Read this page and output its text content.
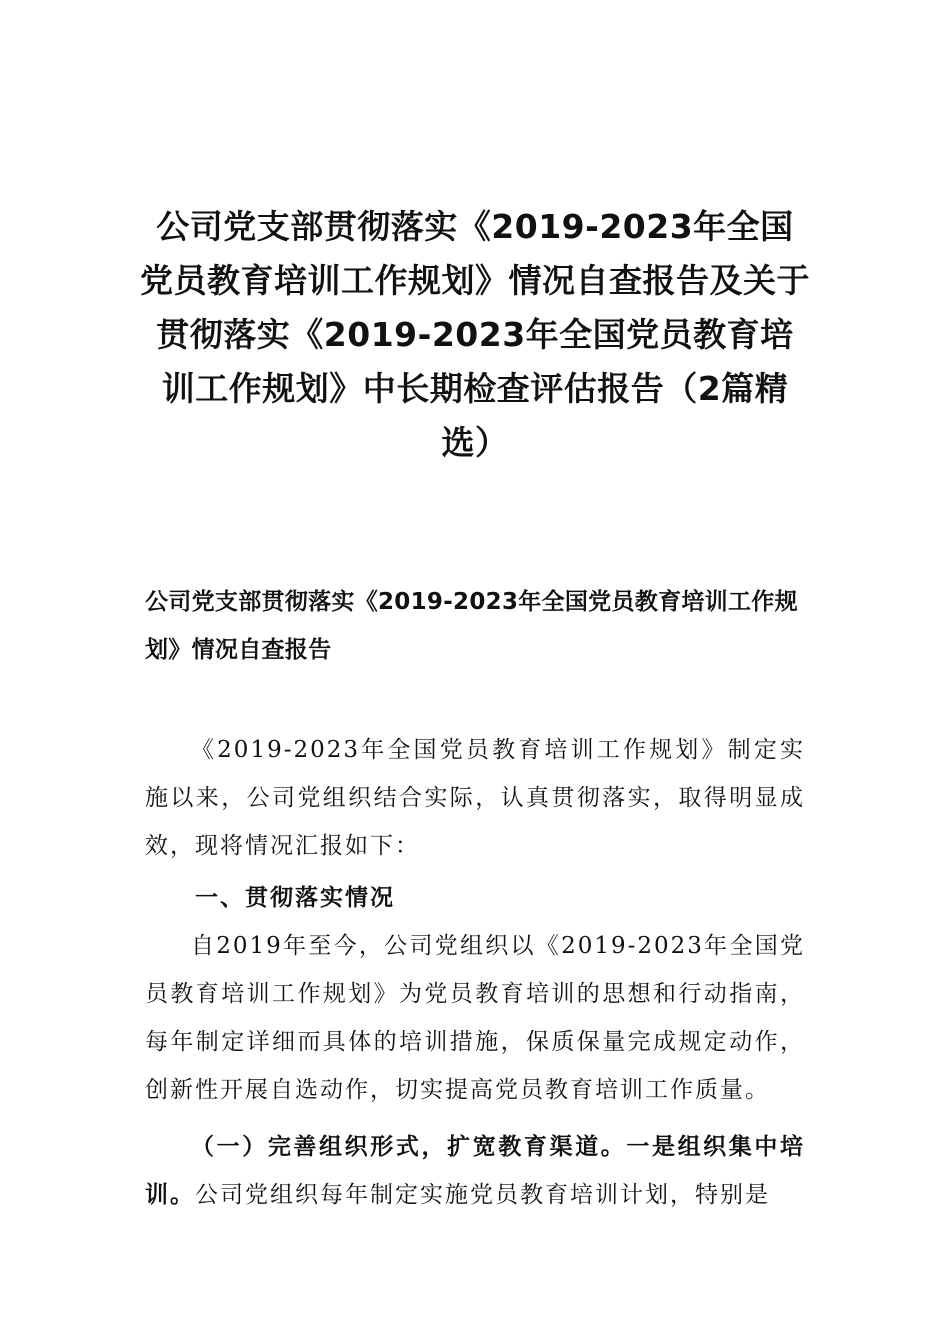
公司党支部贯彻落实《2019-2023年全国党员教育培训工作规划》情况自查报告及关于贯彻落实《2019-2023年全国党员教育培训工作规划》中长期检查评估报告（2篇精选）
公司党支部贯彻落实《2019-2023年全国党员教育培训工作规划》情况自查报告

《2019-2023年全国党员教育培训工作规划》制定实施以来，公司党组织结合实际，认真贯彻落实，取得明显成效，现将情况汇报如下：

一、贯彻落实情况

自2019年至今，公司党组织以《2019-2023年全国党员教育培训工作规划》为党员教育培训的思想和行动指南，每年制定详细而具体的培训措施，保质保量完成规定动作，创新性开展自选动作，切实提高党员教育培训工作质量。

（一）完善组织形式，扩宽教育渠道。一是组织集中培训。公司党组织每年制定实施党员教育培训计划，特别是
